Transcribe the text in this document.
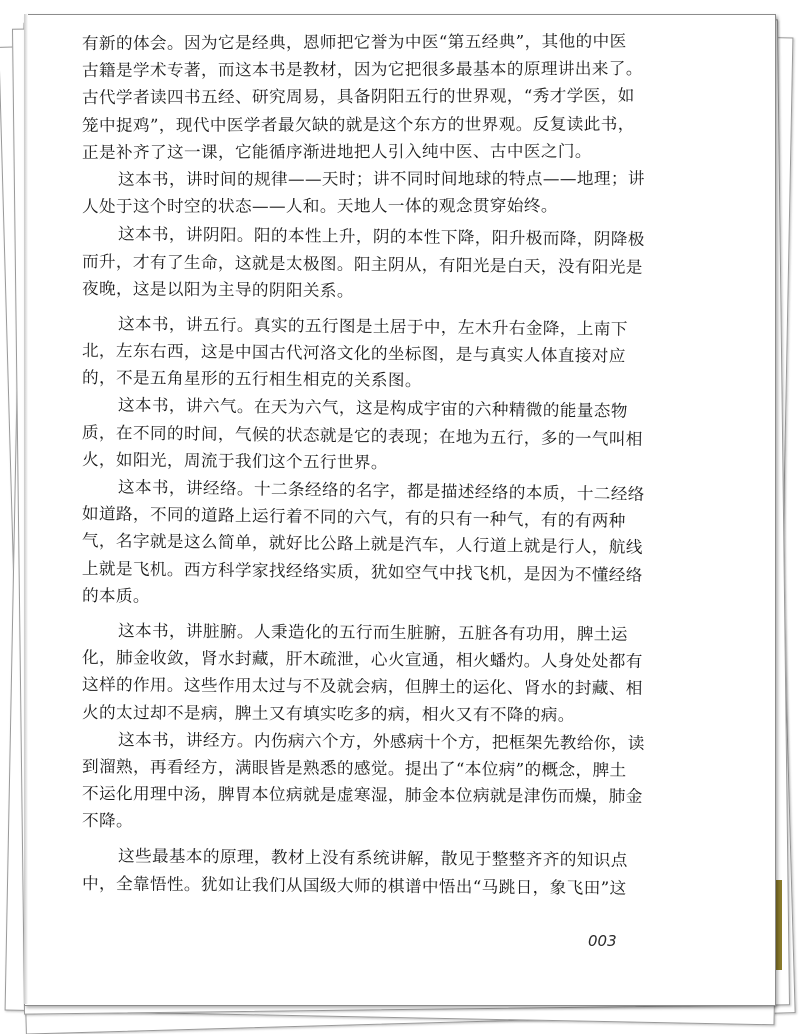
有新的体会。因为它是经典，恩师把它誉为中医“第五经典”，其他的中医
古籍是学术专著，而这本书是教材，因为它把很多最基本的原理讲出来了。
古代学者读四书五经、研究周易，具备阴阳五行的世界观，“秀才学医，如
笼中捉鸡”，现代中医学者最欠缺的就是这个东方的世界观。反复读此书，
正是补齐了这一课，它能循序渐进地把人引入纯中医、古中医之门。
这本书，讲时间的规律——天时；讲不同时间地球的特点——地理；讲
人处于这个时空的状态——人和。天地人一体的观念贯穿始终。
这本书，讲阴阳。阳的本性上升，阴的本性下降，阳升极而降，阴降极
而升，才有了生命，这就是太极图。阳主阴从，有阳光是白天，没有阳光是
夜晚，这是以阳为主导的阴阳关系。
这本书，讲五行。真实的五行图是土居于中，左木升右金降，上南下
北，左东右西，这是中国古代河洛文化的坐标图，是与真实人体直接对应
的，不是五角星形的五行相生相克的关系图。
这本书，讲六气。在天为六气，这是构成宇宙的六种精微的能量态物
质，在不同的时间，气候的状态就是它的表现；在地为五行，多的一气叫相
火，如阳光，周流于我们这个五行世界。
这本书，讲经络。十二条经络的名字，都是描述经络的本质，十二经络
如道路，不同的道路上运行着不同的六气，有的只有一种气，有的有两种
气，名字就是这么简单，就好比公路上就是汽车，人行道上就是行人，航线
上就是飞机。西方科学家找经络实质，犹如空气中找飞机，是因为不懂经络
的本质。
这本书，讲脏腑。人秉造化的五行而生脏腑，五脏各有功用，脾土运
化，肺金收敛，肾水封藏，肝木疏泄，心火宣通，相火蟠灼。人身处处都有
这样的作用。这些作用太过与不及就会病，但脾土的运化、肾水的封藏、相
火的太过却不是病，脾土又有填实吃多的病，相火又有不降的病。
这本书，讲经方。内伤病六个方，外感病十个方，把框架先教给你，读
到溜熟，再看经方，满眼皆是熟悉的感觉。提出了“本位病”的概念，脾土
不运化用理中汤，脾胃本位病就是虚寒湿，肺金本位病就是津伤而燥，肺金
不降。
这些最基本的原理，教材上没有系统讲解，散见于整整齐齐的知识点
中，全靠悟性。犹如让我们从国级大师的棋谱中悟出“马跳日，象飞田”这
003
